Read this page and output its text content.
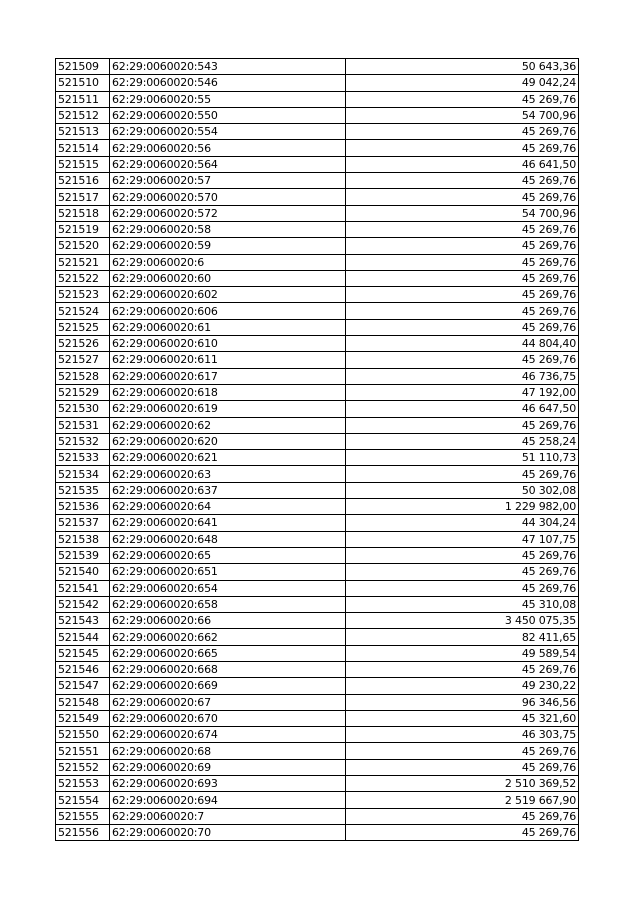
521509	62:29:0060020:543	50 643,36
521510	62:29:0060020:546	49 042,24
521511	62:29:0060020:55	45 269,76
521512	62:29:0060020:550	54 700,96
521513	62:29:0060020:554	45 269,76
521514	62:29:0060020:56	45 269,76
521515	62:29:0060020:564	46 641,50
521516	62:29:0060020:57	45 269,76
521517	62:29:0060020:570	45 269,76
521518	62:29:0060020:572	54 700,96
521519	62:29:0060020:58	45 269,76
521520	62:29:0060020:59	45 269,76
521521	62:29:0060020:6	45 269,76
521522	62:29:0060020:60	45 269,76
521523	62:29:0060020:602	45 269,76
521524	62:29:0060020:606	45 269,76
521525	62:29:0060020:61	45 269,76
521526	62:29:0060020:610	44 804,40
521527	62:29:0060020:611	45 269,76
521528	62:29:0060020:617	46 736,75
521529	62:29:0060020:618	47 192,00
521530	62:29:0060020:619	46 647,50
521531	62:29:0060020:62	45 269,76
521532	62:29:0060020:620	45 258,24
521533	62:29:0060020:621	51 110,73
521534	62:29:0060020:63	45 269,76
521535	62:29:0060020:637	50 302,08
521536	62:29:0060020:64	1 229 982,00
521537	62:29:0060020:641	44 304,24
521538	62:29:0060020:648	47 107,75
521539	62:29:0060020:65	45 269,76
521540	62:29:0060020:651	45 269,76
521541	62:29:0060020:654	45 269,76
521542	62:29:0060020:658	45 310,08
521543	62:29:0060020:66	3 450 075,35
521544	62:29:0060020:662	82 411,65
521545	62:29:0060020:665	49 589,54
521546	62:29:0060020:668	45 269,76
521547	62:29:0060020:669	49 230,22
521548	62:29:0060020:67	96 346,56
521549	62:29:0060020:670	45 321,60
521550	62:29:0060020:674	46 303,75
521551	62:29:0060020:68	45 269,76
521552	62:29:0060020:69	45 269,76
521553	62:29:0060020:693	2 510 369,52
521554	62:29:0060020:694	2 519 667,90
521555	62:29:0060020:7	45 269,76
521556	62:29:0060020:70	45 269,76
